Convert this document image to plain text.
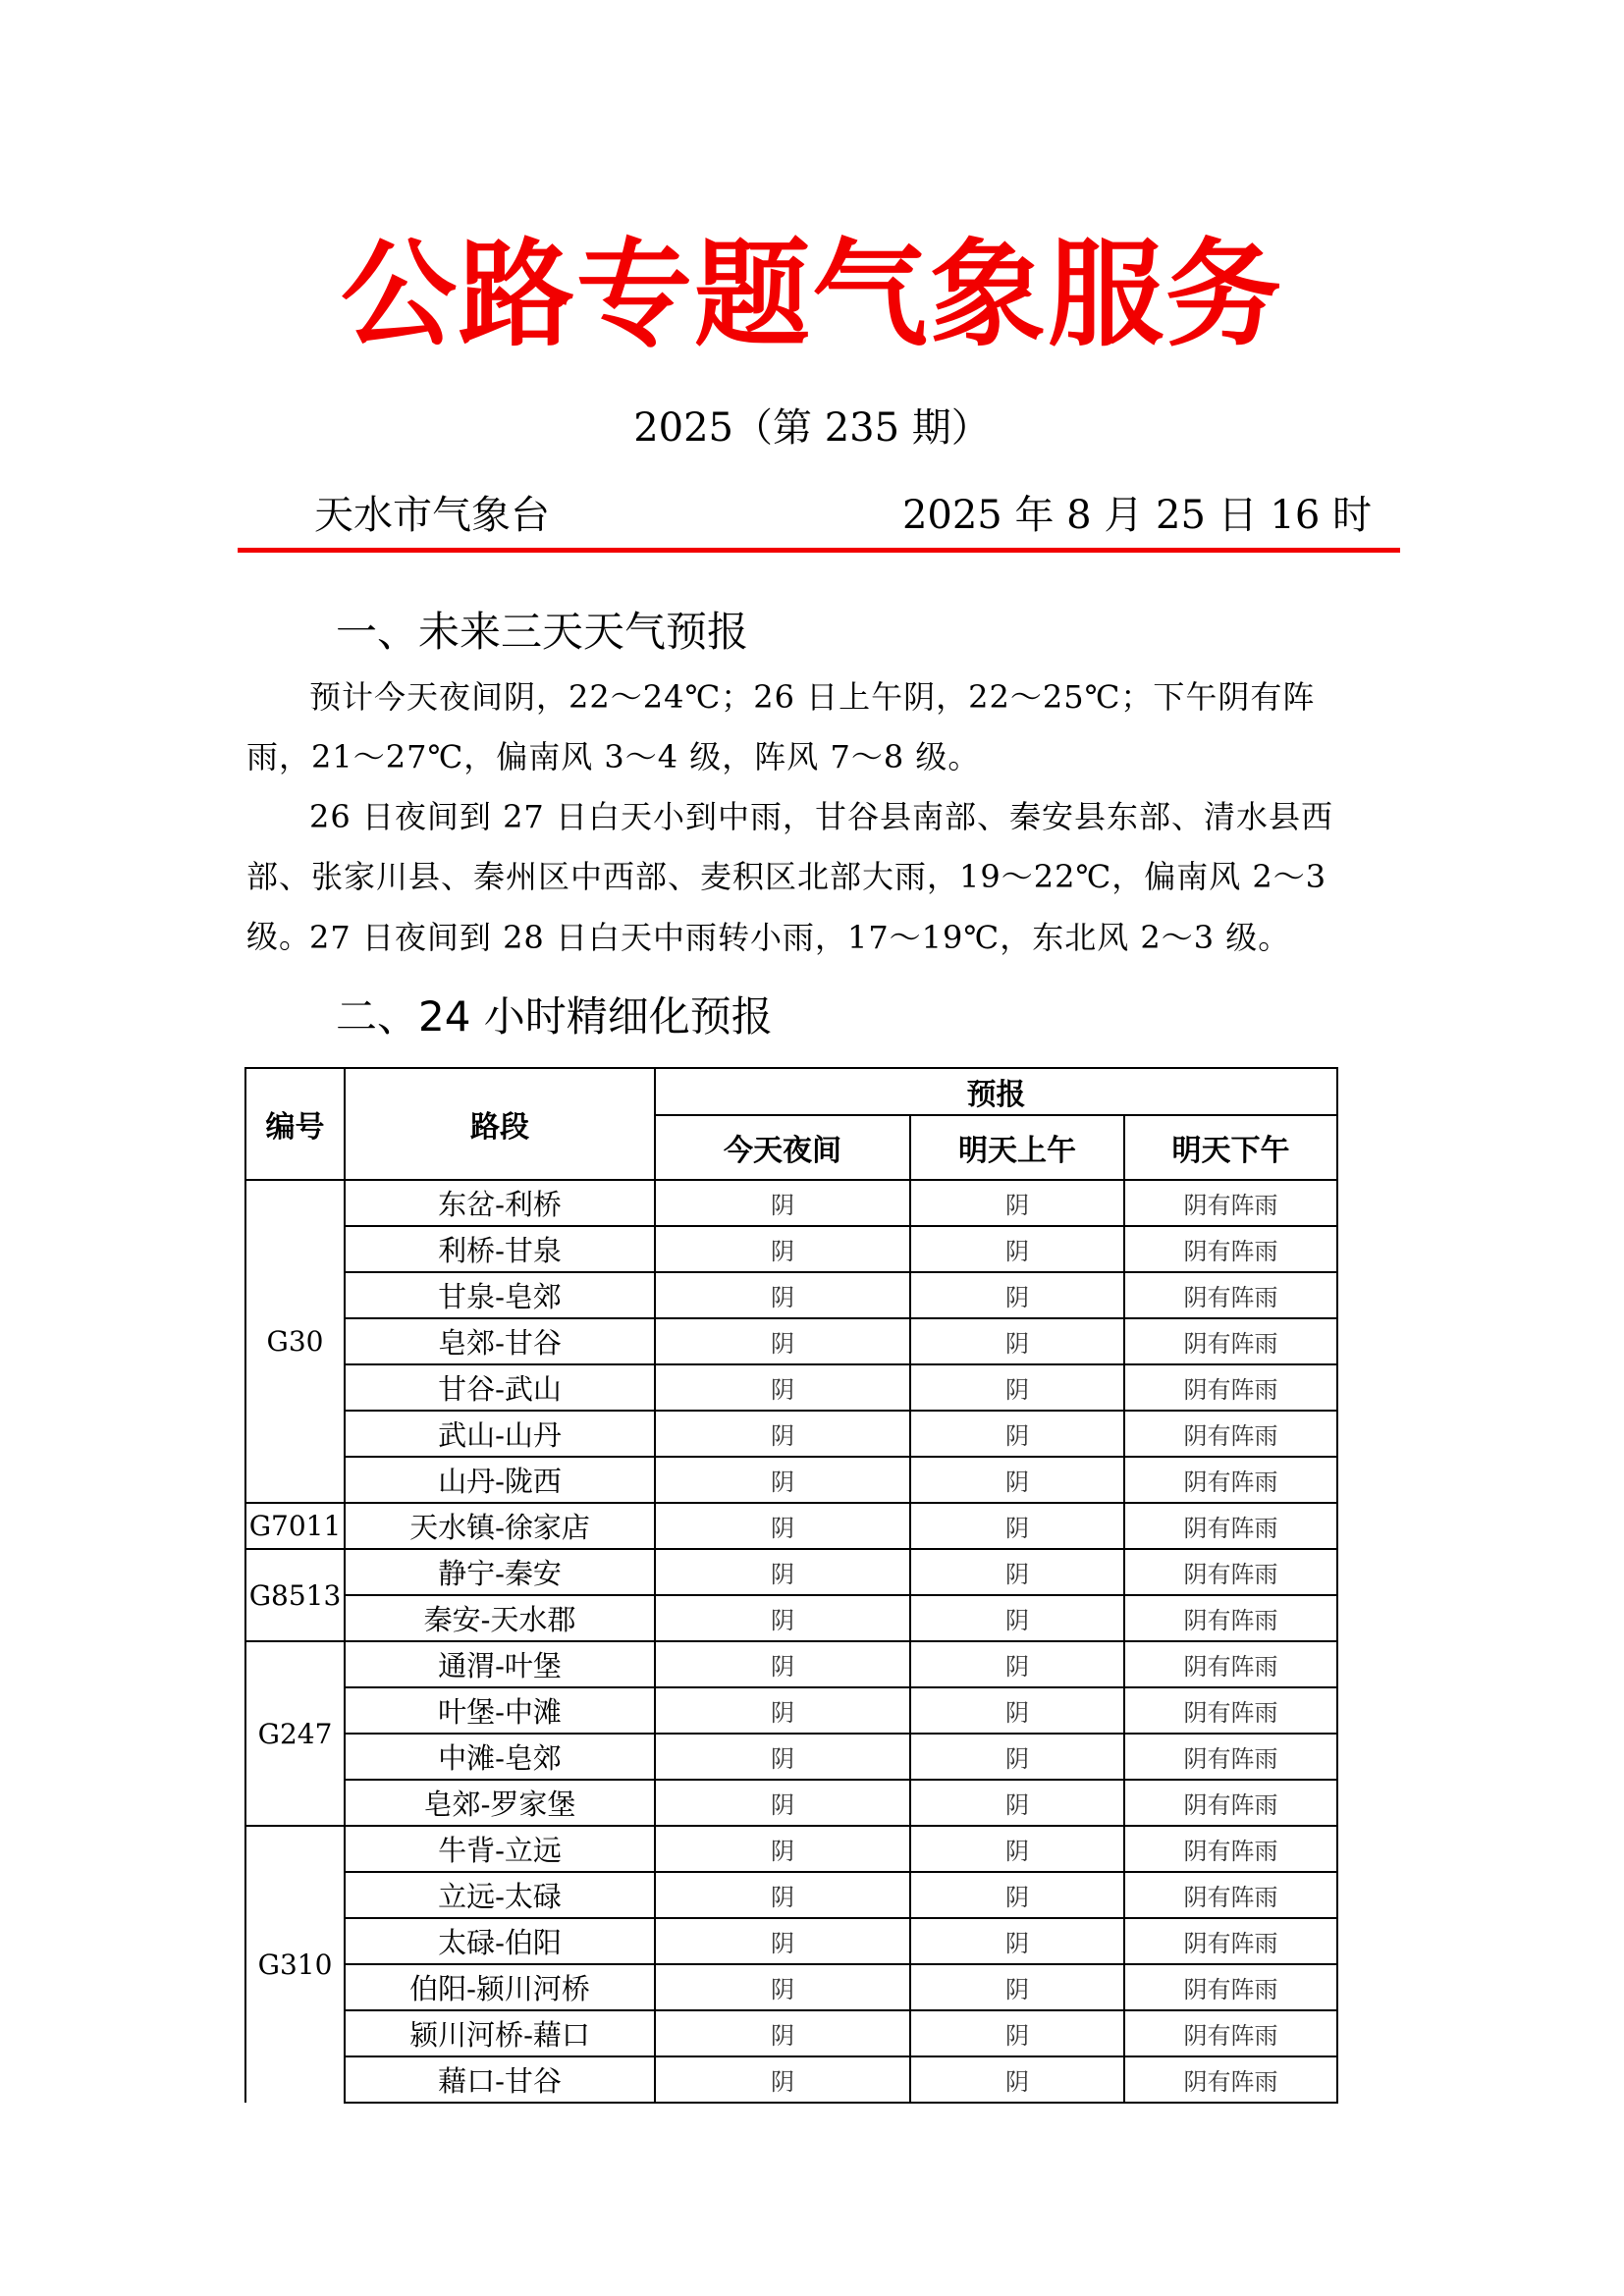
公路专题气象服务
2025（第 235 期）
天水市气象台	2025 年 8 月 25 日 16 时
一、未来三天天气预报
预计今天夜间阴，22～24℃；26 日上午阴，22～25℃；下午阴有阵雨，21～27℃，偏南风 3～4 级，阵风 7～8 级。
26 日夜间到 27 日白天小到中雨，甘谷县南部、秦安县东部、清水县西部、张家川县、秦州区中西部、麦积区北部大雨，19～22℃，偏南风 2～3 级。
27 日夜间到 28 日白天中雨转小雨，17～19℃，东北风 2～3 级。
二、24 小时精细化预报
编号	路段	预报		
		今天夜间	明天上午	明天下午
G30	东岔-利桥	阴	阴	阴有阵雨
	利桥-甘泉	阴	阴	阴有阵雨
	甘泉-皂郊	阴	阴	阴有阵雨
	皂郊-甘谷	阴	阴	阴有阵雨
	甘谷-武山	阴	阴	阴有阵雨
	武山-山丹	阴	阴	阴有阵雨
	山丹-陇西	阴	阴	阴有阵雨
G7011	天水镇-徐家店	阴	阴	阴有阵雨
G8513	静宁-秦安	阴	阴	阴有阵雨
	秦安-天水郡	阴	阴	阴有阵雨
G247	通渭-叶堡	阴	阴	阴有阵雨
	叶堡-中滩	阴	阴	阴有阵雨
	中滩-皂郊	阴	阴	阴有阵雨
	皂郊-罗家堡	阴	阴	阴有阵雨
G310	牛背-立远	阴	阴	阴有阵雨
	立远-太碌	阴	阴	阴有阵雨
	太碌-伯阳	阴	阴	阴有阵雨
	伯阳-颍川河桥	阴	阴	阴有阵雨
	颍川河桥-藉口	阴	阴	阴有阵雨
	藉口-甘谷	阴	阴	阴有阵雨
